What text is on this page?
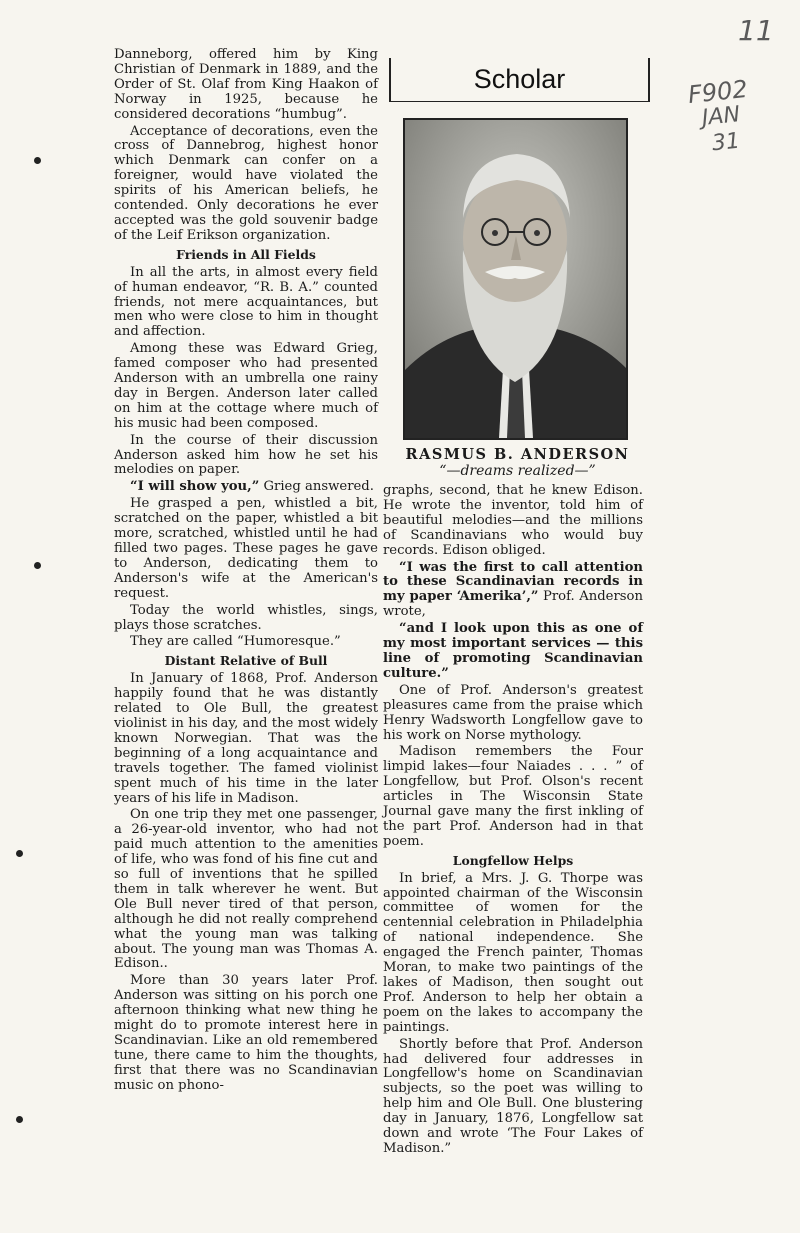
11
F902
JAN
31

Danneborg, offered him by King Christian of Denmark in 1889, and the Order of St. Olaf from King Haakon of Norway in 1925, because he considered decorations “humbug”.

Acceptance of decorations, even the cross of Dannebrog, highest honor which Denmark can confer on a foreigner, would have violated the spirits of his American beliefs, he contended. Only decorations he ever accepted was the gold souvenir badge of the Leif Erikson organization.

Friends in All Fields

In all the arts, in almost every field of human endeavor, “R. B. A.” counted friends, not mere acquaintances, but men who were close to him in thought and affection.

Among these was Edward Grieg, famed composer who had presented Anderson with an umbrella one rainy day in Bergen. Anderson later called on him at the cottage where much of his music had been composed.

In the course of their discussion Anderson asked him how he set his melodies on paper.

“I will show you,” Grieg answered.

He grasped a pen, whistled a bit, scratched on the paper, whistled a bit more, scratched, whistled until he had filled two pages. These pages he gave to Anderson, dedicating them to Anderson's wife at the American's request.

Today the world whistles, sings, plays those scratches.

They are called “Humoresque.”

Distant Relative of Bull

In January of 1868, Prof. Anderson happily found that he was distantly related to Ole Bull, the greatest violinist in his day, and the most widely known Norwegian. That was the beginning of a long acquaintance and travels together. The famed violinist spent much of his time in the later years of his life in Madison.

On one trip they met one passenger, a 26-year-old inventor, who had not paid much attention to the amenities of life, who was fond of his fine cut and so full of inventions that he spilled them in talk wherever he went. But Ole Bull never tired of that person, although he did not really comprehend what the young man was talking about. The young man was Thomas A. Edison..

More than 30 years later Prof. Anderson was sitting on his porch one afternoon thinking what new thing he might do to promote interest here in Scandinavian. Like an old remembered tune, there came to him the thoughts, first that there was no Scandinavian music on phono-

Scholar
RASMUS B. ANDERSON
“—dreams realized—”

graphs, second, that he knew Edison. He wrote the inventor, told him of beautiful melodies—and the millions of Scandinavians who would buy records. Edison obliged.

“I was the first to call attention to these Scandinavian records in my paper ‘Amerika’,” Prof. Anderson wrote,

“and I look upon this as one of my most important services — this line of promoting Scandinavian culture.”

One of Prof. Anderson's greatest pleasures came from the praise which Henry Wadsworth Longfellow gave to his work on Norse mythology.

Madison remembers the Four limpid lakes—four Naiades . . . ” of Longfellow, but Prof. Olson's recent articles in The Wisconsin State Journal gave many the first inkling of the part Prof. Anderson had in that poem.

Longfellow Helps

In brief, a Mrs. J. G. Thorpe was appointed chairman of the Wisconsin committee of women for the centennial celebration in Philadelphia of national independence. She engaged the French painter, Thomas Moran, to make two paintings of the lakes of Madison, then sought out Prof. Anderson to help her obtain a poem on the lakes to accompany the paintings.

Shortly before that Prof. Anderson had delivered four addresses in Longfellow's home on Scandinavian subjects, so the poet was willing to help him and Ole Bull. One blustering day in January, 1876, Longfellow sat down and wrote ‘The Four Lakes of Madison.”
